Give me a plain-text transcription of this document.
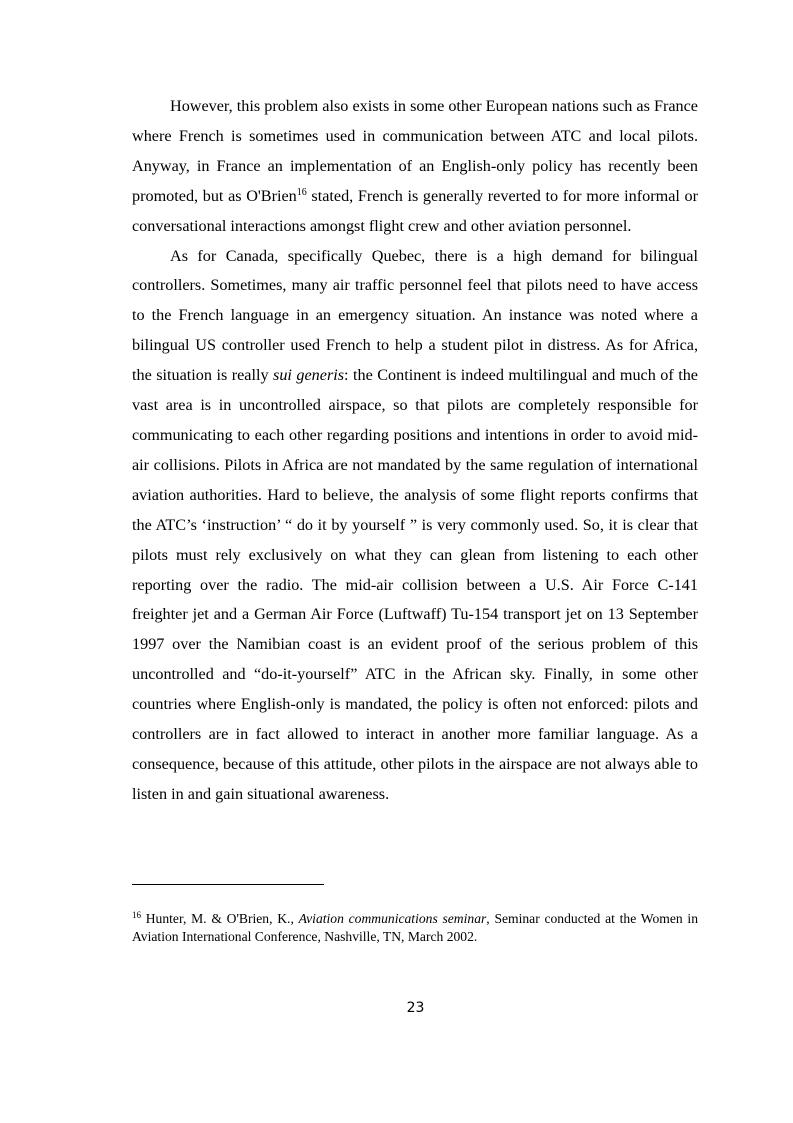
However, this problem also exists in some other European nations such as France where French is sometimes used in communication between ATC and local pilots. Anyway, in France an implementation of an English-only policy has recently been promoted, but as O'Brien$^{16}$ stated, French is generally reverted to for more informal or conversational interactions amongst flight crew and other aviation personnel.

As for Canada, specifically Quebec, there is a high demand for bilingual controllers. Sometimes, many air traffic personnel feel that pilots need to have access to the French language in an emergency situation. An instance was noted where a bilingual US controller used French to help a student pilot in distress. As for Africa, the situation is really sui generis: the Continent is indeed multilingual and much of the vast area is in uncontrolled airspace, so that pilots are completely responsible for communicating to each other regarding positions and intentions in order to avoid mid-air collisions. Pilots in Africa are not mandated by the same regulation of international aviation authorities. Hard to believe, the analysis of some flight reports confirms that the ATC’s ‘instruction’ “ do it by yourself ” is very commonly used. So, it is clear that pilots must rely exclusively on what they can glean from listening to each other reporting over the radio. The mid-air collision between a U.S. Air Force C-141 freighter jet and a German Air Force (Luftwaff) Tu-154 transport jet on 13 September 1997 over the Namibian coast is an evident proof of the serious problem of this uncontrolled and “do-it-yourself” ATC in the African sky. Finally, in some other countries where English-only is mandated, the policy is often not enforced: pilots and controllers are in fact allowed to interact in another more familiar language. As a consequence, because of this attitude, other pilots in the airspace are not always able to listen in and gain situational awareness.

$^{16}$ Hunter, M. & O'Brien, K., Aviation communications seminar, Seminar conducted at the Women in Aviation International Conference, Nashville, TN, March 2002.

23
